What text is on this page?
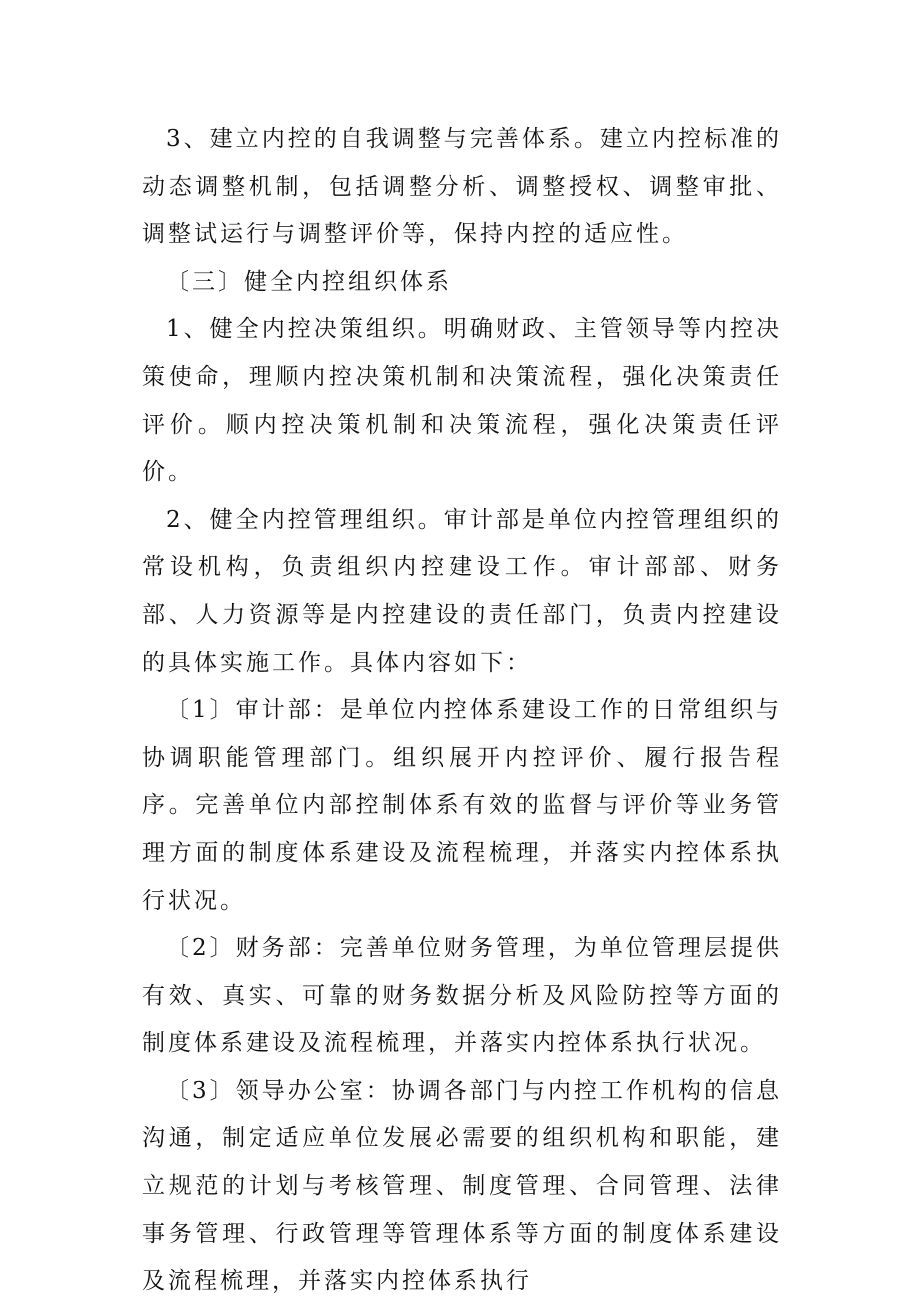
3、建立内控的自我调整与完善体系。建立内控标准的动态调整机制，包括调整分析、调整授权、调整审批、调整试运行与调整评价等，保持内控的适应性。

〔三〕健全内控组织体系

1、健全内控决策组织。明确财政、主管领导等内控决策使命，理顺内控决策机制和决策流程，强化决策责任评价。顺内控决策机制和决策流程，强化决策责任评价。

2、健全内控管理组织。审计部是单位内控管理组织的常设机构，负责组织内控建设工作。审计部部、财务部、人力资源等是内控建设的责任部门，负责内控建设的具体实施工作。具体内容如下：

〔1〕审计部：是单位内控体系建设工作的日常组织与协调职能管理部门。组织展开内控评价、履行报告程序。完善单位内部控制体系有效的监督与评价等业务管理方面的制度体系建设及流程梳理，并落实内控体系执行状况。

〔2〕财务部：完善单位财务管理，为单位管理层提供有效、真实、可靠的财务数据分析及风险防控等方面的制度体系建设及流程梳理，并落实内控体系执行状况。

〔3〕领导办公室：协调各部门与内控工作机构的信息沟通，制定适应单位发展必需要的组织机构和职能，建立规范的计划与考核管理、制度管理、合同管理、法律事务管理、行政管理等管理体系等方面的制度体系建设及流程梳理，并落实内控体系执行
